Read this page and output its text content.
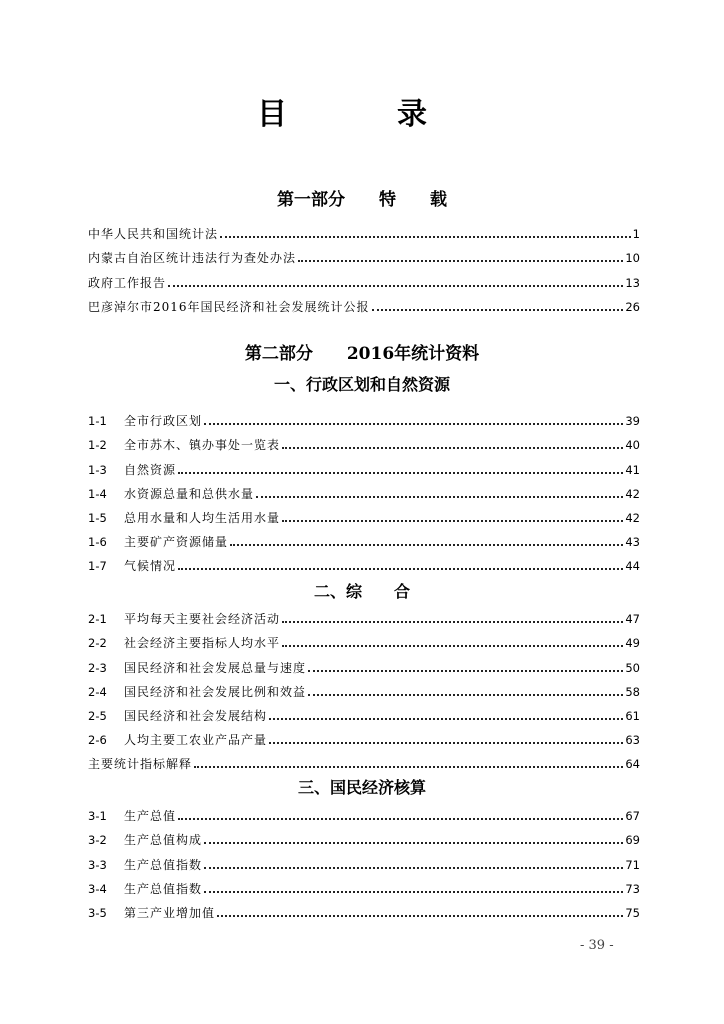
目　录
第一部分　　特　　载
中华人民共和国统计法	1
内蒙古自治区统计违法行为查处办法	10
政府工作报告	13
巴彦淖尔市2016年国民经济和社会发展统计公报	26
第二部分　　2016年统计资料
一、行政区划和自然资源
1-1	全市行政区划	39
1-2	全市苏木、镇办事处一览表	40
1-3	自然资源	41
1-4	水资源总量和总供水量	42
1-5	总用水量和人均生活用水量	42
1-6	主要矿产资源储量	43
1-7	气候情况	44
二、综　　合
2-1	平均每天主要社会经济活动	47
2-2	社会经济主要指标人均水平	49
2-3	国民经济和社会发展总量与速度	50
2-4	国民经济和社会发展比例和效益	58
2-5	国民经济和社会发展结构	61
2-6	人均主要工农业产品产量	63
主要统计指标解释	64
三、国民经济核算
3-1	生产总值	67
3-2	生产总值构成	69
3-3	生产总值指数	71
3-4	生产总值指数	73
3-5	第三产业增加值	75
- 39 -
